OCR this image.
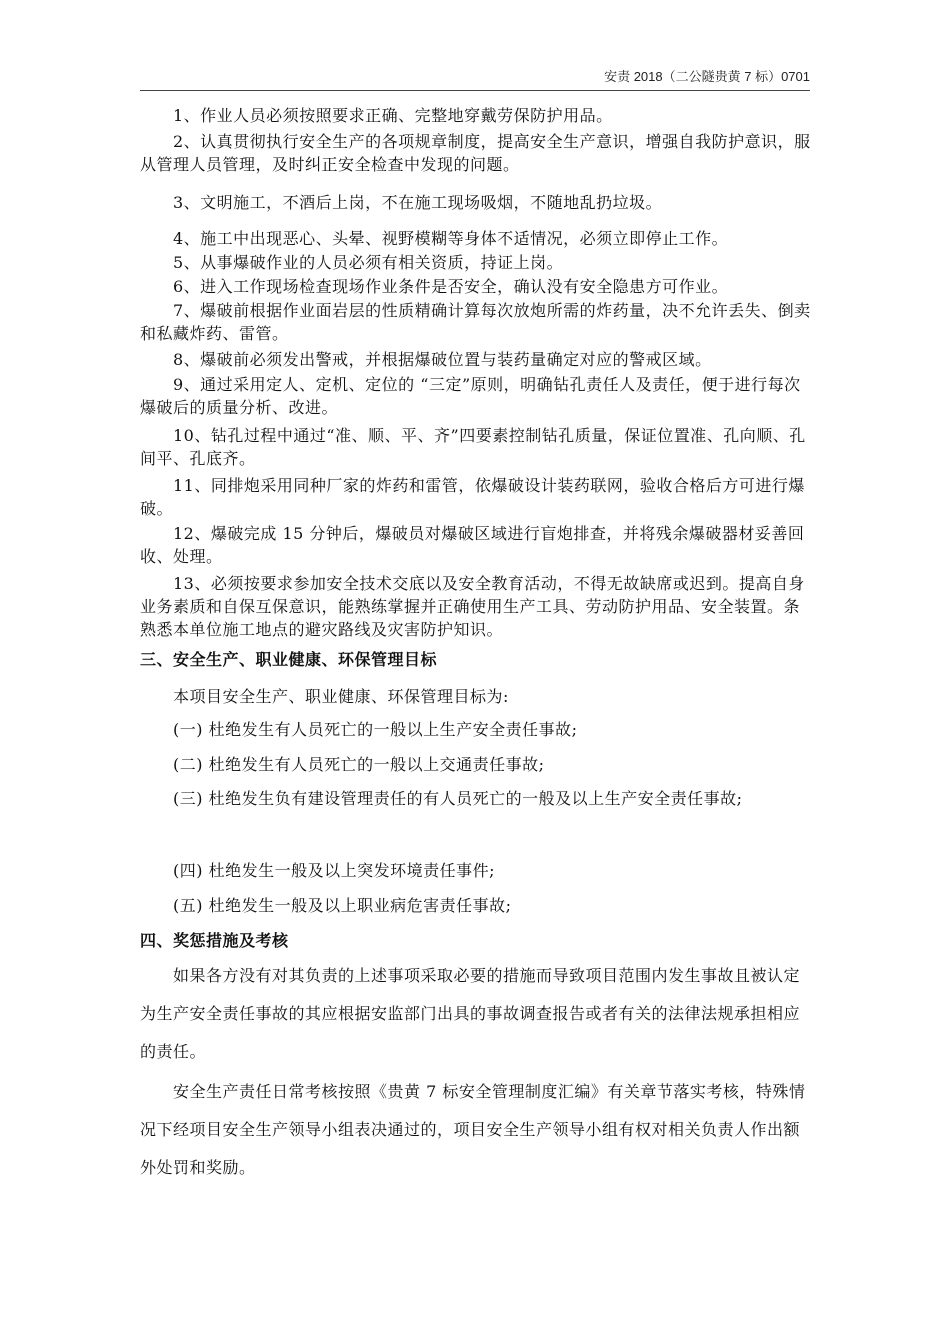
安责 2018（二公隧贵黄 7 标）0701
1、作业人员必须按照要求正确、完整地穿戴劳保防护用品。
2、认真贯彻执行安全生产的各项规章制度，提高安全生产意识，增强自我防护意识，服从管理人员管理，及时纠正安全检查中发现的问题。
3、文明施工，不酒后上岗，不在施工现场吸烟，不随地乱扔垃圾。
4、施工中出现恶心、头晕、视野模糊等身体不适情况，必须立即停止工作。
5、从事爆破作业的人员必须有相关资质，持证上岗。
6、进入工作现场检查现场作业条件是否安全，确认没有安全隐患方可作业。
7、爆破前根据作业面岩层的性质精确计算每次放炮所需的炸药量，决不允许丢失、倒卖和私藏炸药、雷管。
8、爆破前必须发出警戒，并根据爆破位置与装药量确定对应的警戒区域。
9、通过采用定人、定机、定位的 “三定”原则，明确钻孔责任人及责任，便于进行每次爆破后的质量分析、改进。
10、钻孔过程中通过“准、顺、平、齐”四要素控制钻孔质量，保证位置准、孔向顺、孔间平、孔底齐。
11、同排炮采用同种厂家的炸药和雷管，依爆破设计装药联网，验收合格后方可进行爆破。
12、爆破完成 15 分钟后，爆破员对爆破区域进行盲炮排查，并将残余爆破器材妥善回收、处理。
13、必须按要求参加安全技术交底以及安全教育活动，不得无故缺席或迟到。提高自身业务素质和自保互保意识，能熟练掌握并正确使用生产工具、劳动防护用品、安全装置。条熟悉本单位施工地点的避灾路线及灾害防护知识。
三、安全生产、职业健康、环保管理目标
本项目安全生产、职业健康、环保管理目标为:
(一) 杜绝发生有人员死亡的一般以上生产安全责任事故;
(二) 杜绝发生有人员死亡的一般以上交通责任事故;
(三) 杜绝发生负有建设管理责任的有人员死亡的一般及以上生产安全责任事故;
(四) 杜绝发生一般及以上突发环境责任事件;
(五) 杜绝发生一般及以上职业病危害责任事故;
四、奖惩措施及考核
如果各方没有对其负责的上述事项采取必要的措施而导致项目范围内发生事故且被认定为生产安全责任事故的其应根据安监部门出具的事故调查报告或者有关的法律法规承担相应的责任。
安全生产责任日常考核按照《贵黄 7 标安全管理制度汇编》有关章节落实考核，特殊情况下经项目安全生产领导小组表决通过的，项目安全生产领导小组有权对相关负责人作出额外处罚和奖励。
